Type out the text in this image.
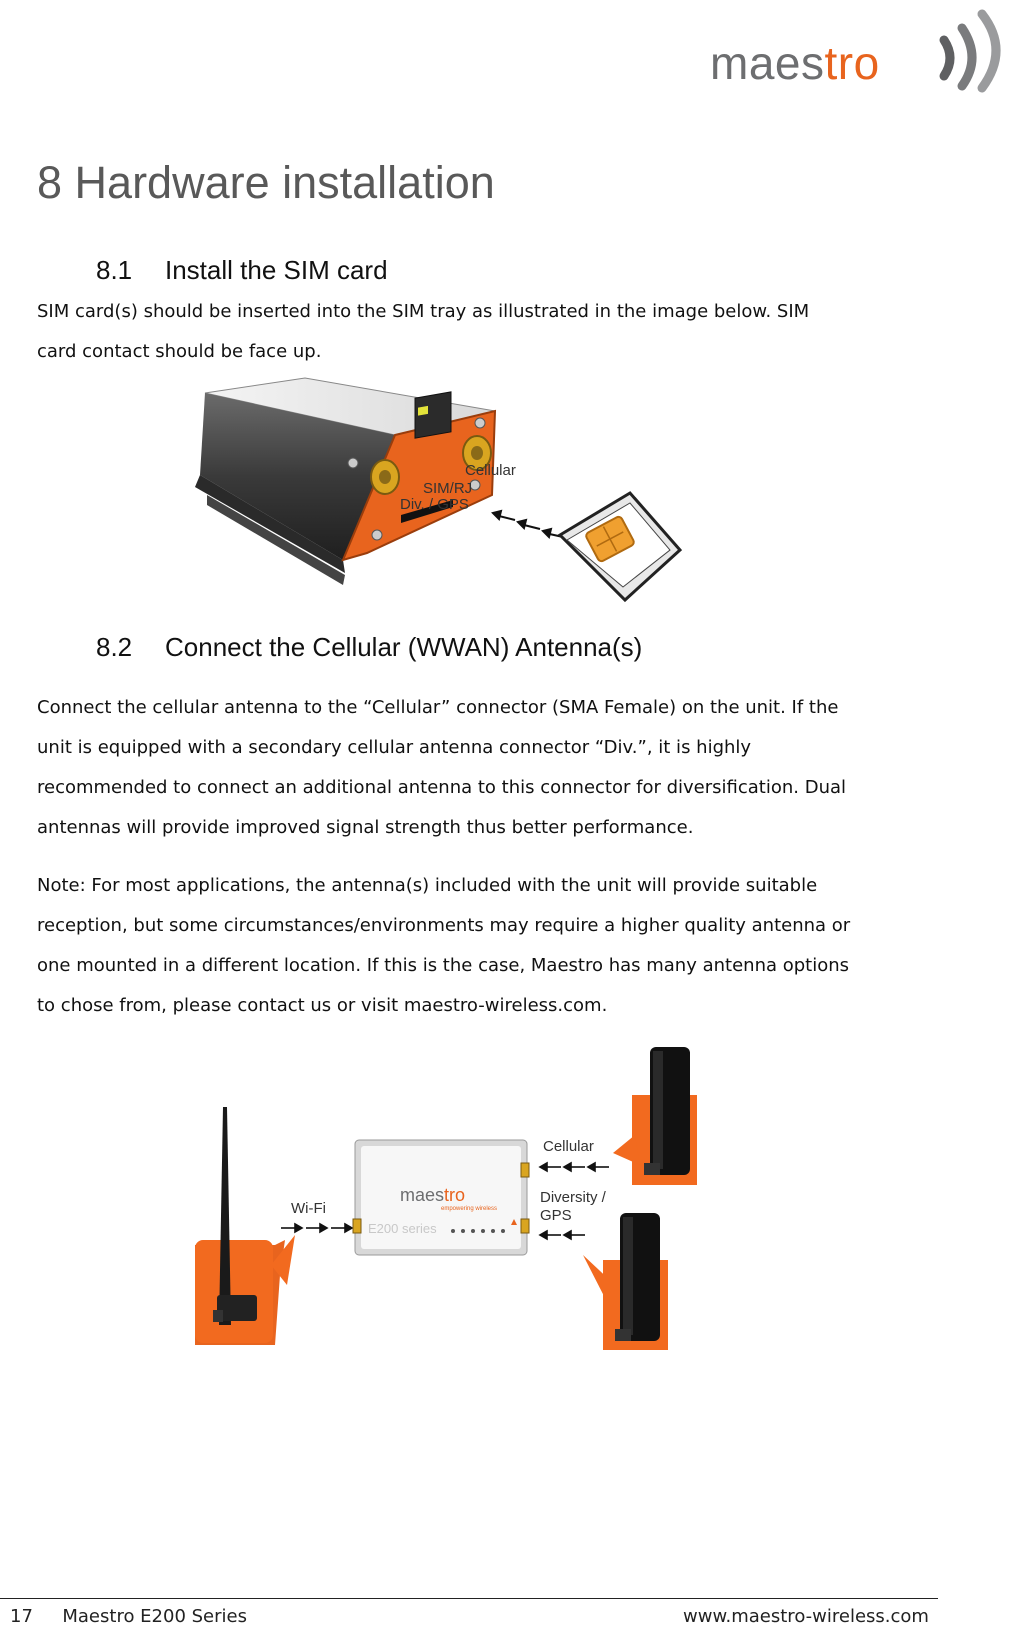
maestro
8 Hardware installation
8.1 Install the SIM card

SIM card(s) should be inserted into the SIM tray as illustrated in the image below. SIM
card contact should be face up.

Div. / GPS
SIM/RJ
Cellular
8.2 Connect the Cellular (WWAN) Antenna(s)

Connect the cellular antenna to the “Cellular” connector (SMA Female) on the unit. If the
unit is equipped with a secondary cellular antenna connector “Div.”, it is highly
recommended to connect an additional antenna to this connector for diversification. Dual
antennas will provide improved signal strength thus better performance.

Note: For most applications, the antenna(s) included with the unit will provide suitable
reception, but some circumstances/environments may require a higher quality antenna or
one mounted in a different location. If this is the case, Maestro has many antenna options
to chose from, please contact us or visit maestro-wireless.com.

Wi-Fi
maestro
empowering wireless
E200 series
Cellular
Diversity /
GPS
17 Maestro E200 Series	www.maestro-wireless.com
